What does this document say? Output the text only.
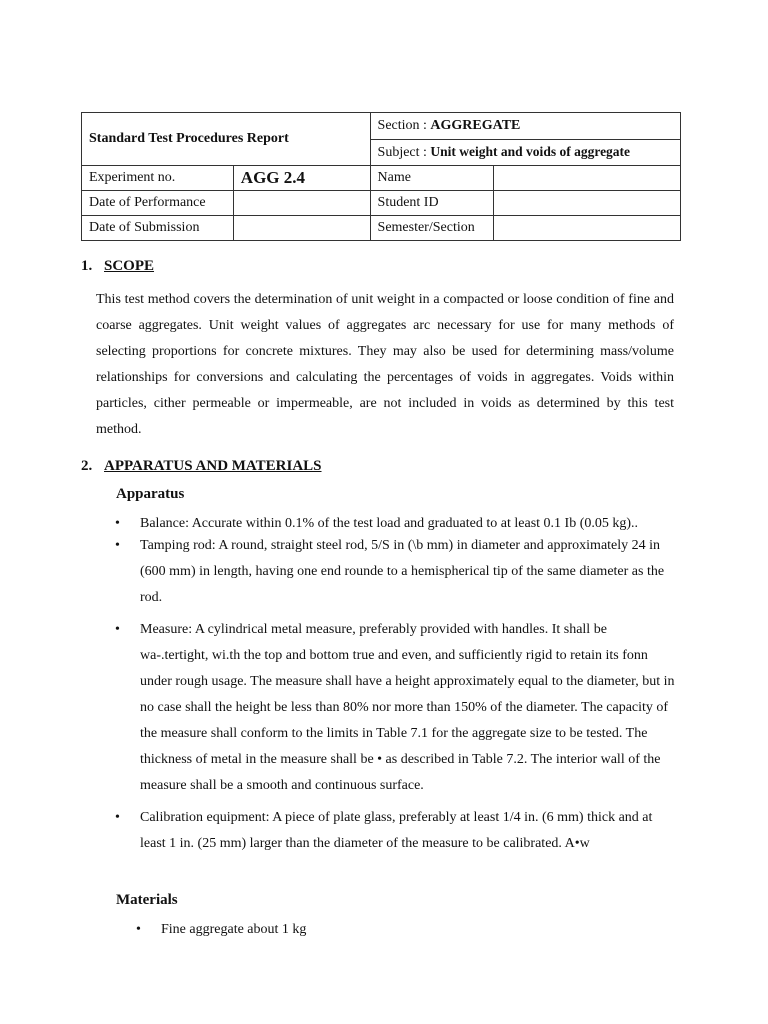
Standard Test Procedures Report		Section : AGGREGATE	
		Subject : Unit weight and voids of aggregate	
Experiment no.	AGG 2.4	Name	
Date of Performance		Student ID	
Date of Submission		Semester/Section	
1. SCOPE

This test method covers the determination of unit weight in a compacted or loose condition of fine and coarse aggregates. Unit weight values of aggregates arc necessary for use for many methods of selecting proportions for concrete mixtures. They may also be used for determining mass/volume relationships for conversions and calculating the percentages of voids in aggregates. Voids within particles, cither permeable or impermeable, are not included in voids as determined by this test method.

2. APPARATUS AND MATERIALS
Apparatus
• Balance: Accurate within 0.1% of the test load and graduated to at least 0.1 Ib (0.05 kg)..
• Tamping rod: A round, straight steel rod, 5/S in (\b mm) in diameter and approximately 24 in (600 mm) in length, having one end rounde to a hemispherical tip of the same diameter as the rod.
• Measure: A cylindrical metal measure, preferably provided with handles. It shall be wa-.tertight, wi.th the top and bottom true and even, and sufficiently rigid to retain its fonn under rough usage. The measure shall have a height approximately equal to the diameter, but in no case shall the height be less than 80% nor more than 150% of the diameter. The capacity of the measure shall conform to the limits in Table 7.1 for the aggregate size to be tested. The thickness of metal in the measure shall be • as described in Table 7.2. The interior wall of the measure shall be a smooth and continuous surface.
• Calibration equipment: A piece of plate glass, preferably at least 1/4 in. (6 mm) thick and at least 1 in. (25 mm) larger than the diameter of the measure to be calibrated. A•w
Materials
• Fine aggregate about 1 kg
